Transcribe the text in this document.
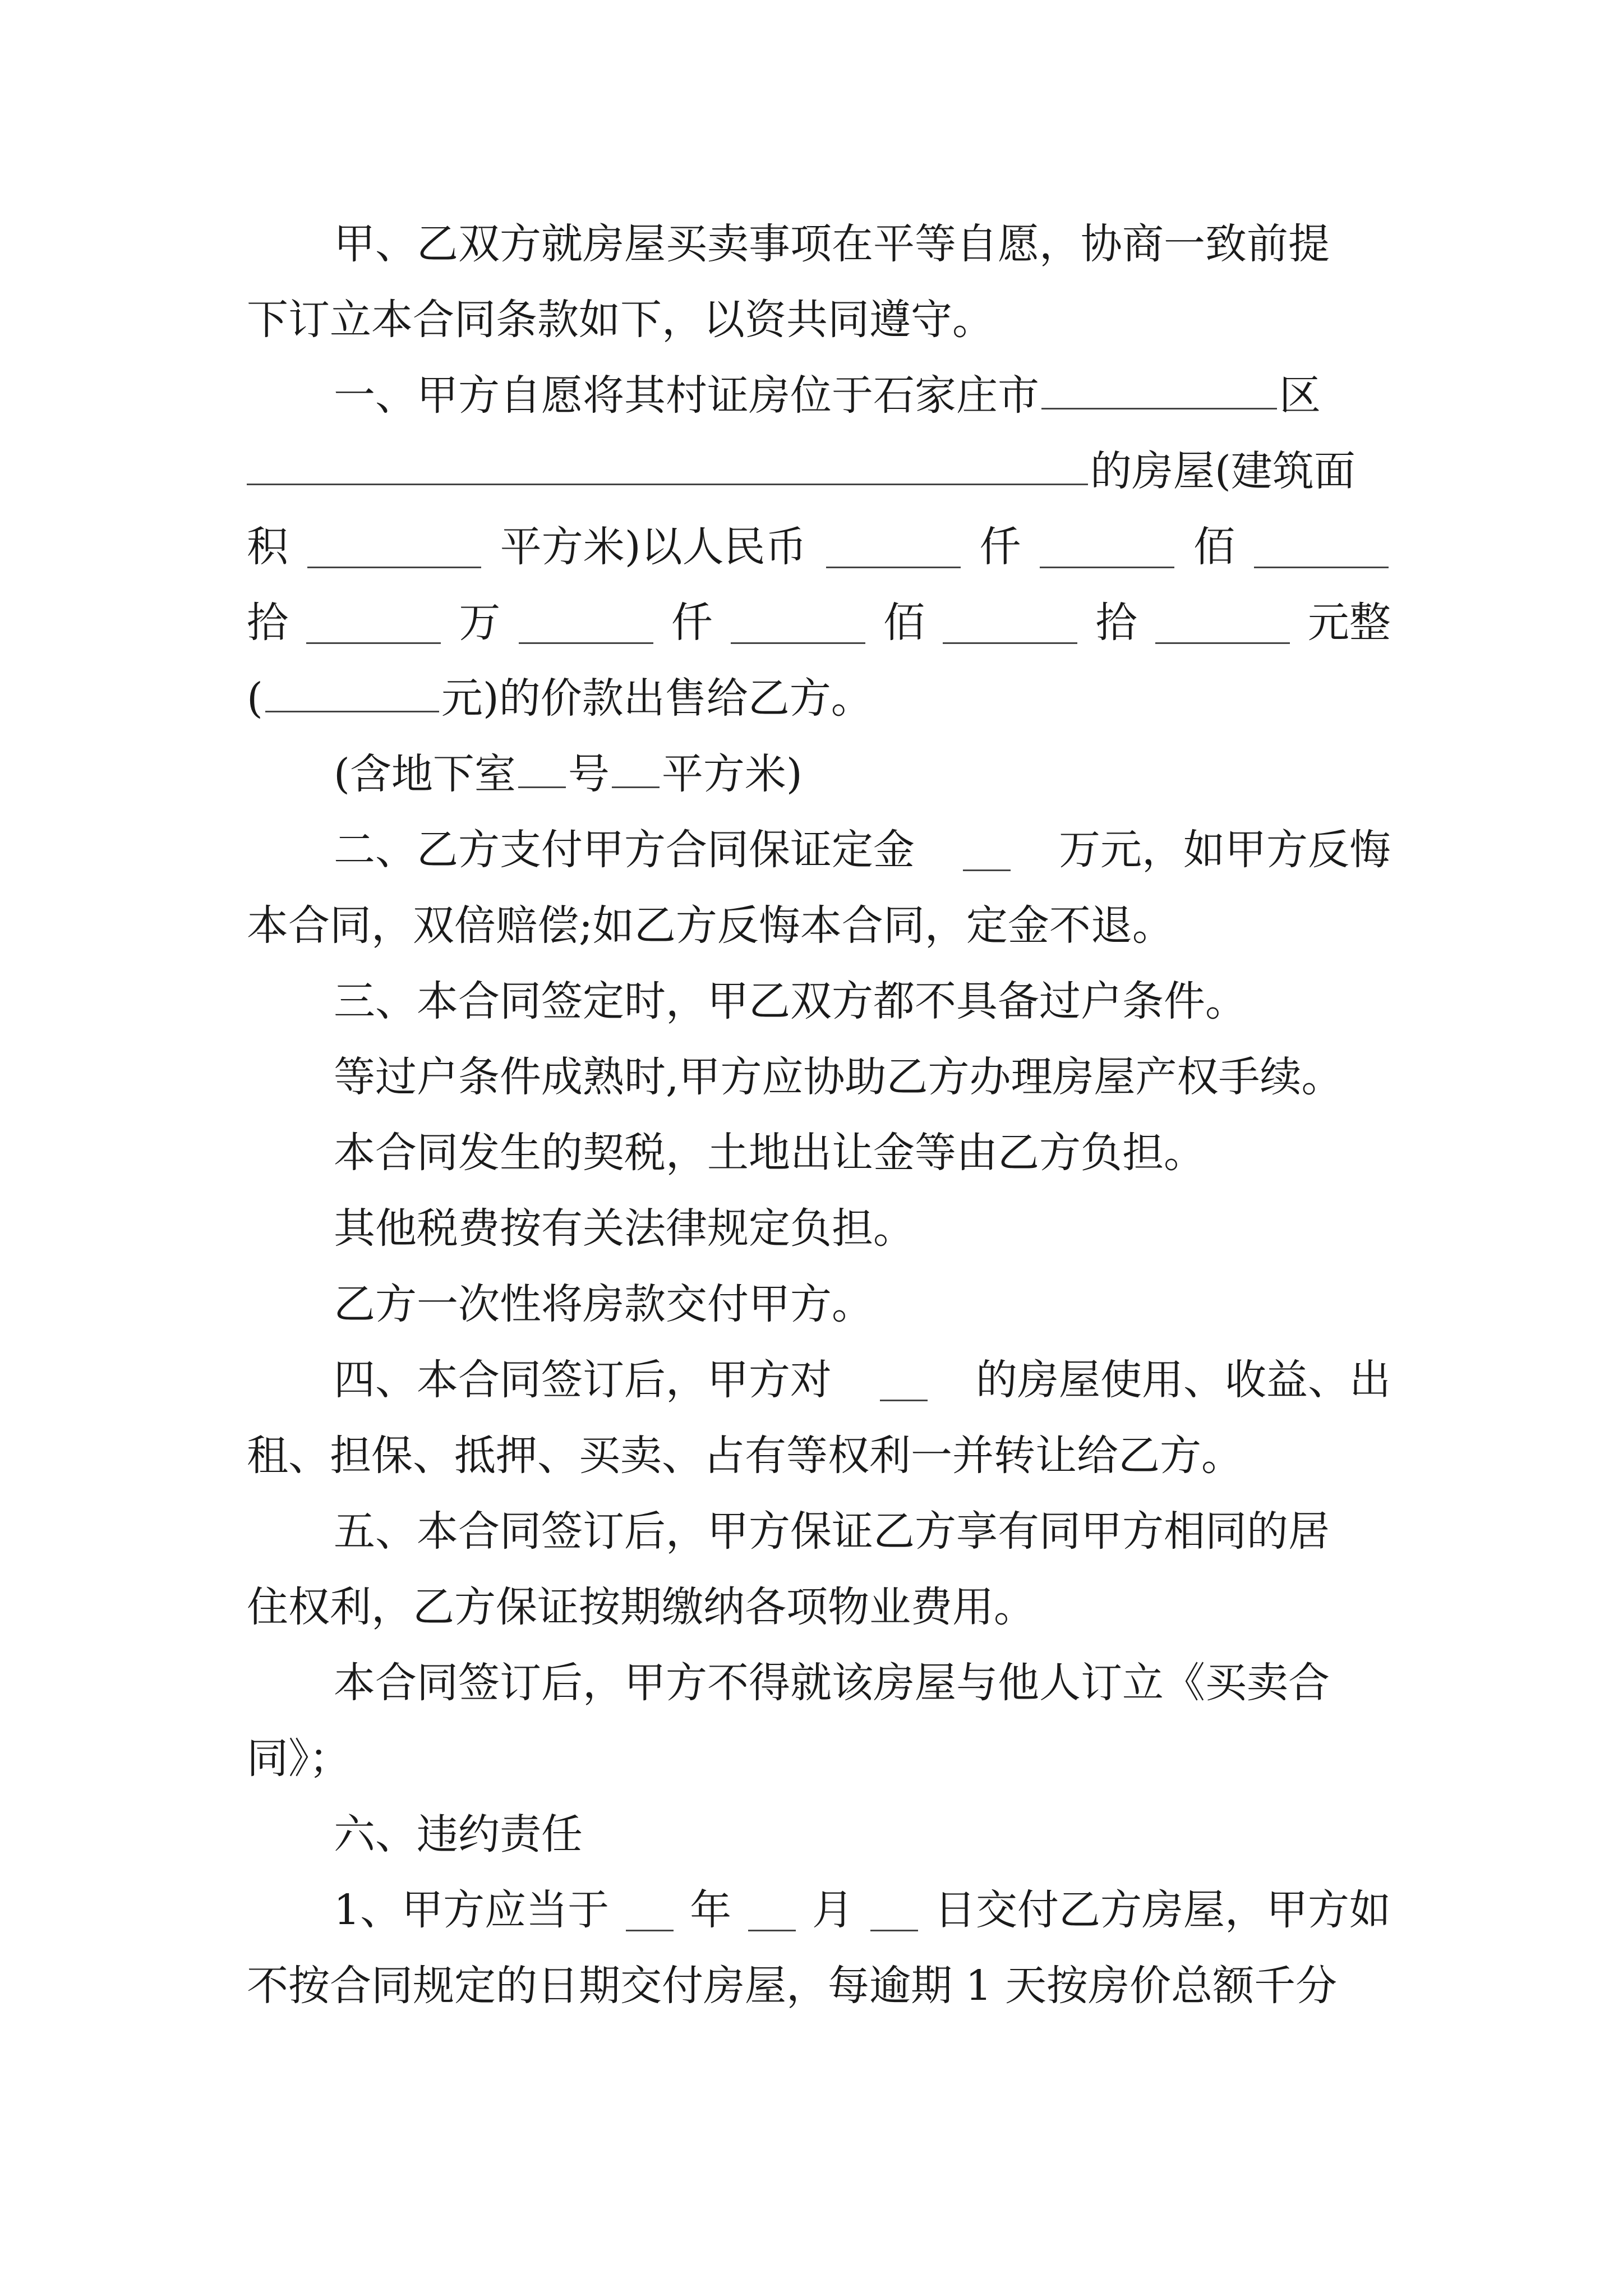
甲、乙双方就房屋买卖事项在平等自愿，协商一致前提
下订立本合同条款如下，以资共同遵守。
一、甲方自愿将其村证房位于石家庄市	区
的房屋(建筑面
积	平方米)以人民币	仟	佰
拾	万	仟	佰	拾	元整
(	元)的价款出售给乙方。
(含地下室 号 平方米)
二、乙方支付甲方合同保证定金	万元，如甲方反悔
本合同，双倍赔偿;如乙方反悔本合同，定金不退。
三、本合同签定时，甲乙双方都不具备过户条件。
等过户条件成熟时,甲方应协助乙方办理房屋产权手续。
本合同发生的契税，土地出让金等由乙方负担。
其他税费按有关法律规定负担。
乙方一次性将房款交付甲方。
四、本合同签订后，甲方对	的房屋使用、收益、出
租、担保、抵押、买卖、占有等权利一并转让给乙方。
五、本合同签订后，甲方保证乙方享有同甲方相同的居
住权利，乙方保证按期缴纳各项物业费用。
本合同签订后，甲方不得就该房屋与他人订立《买卖合
同》；
六、违约责任
1、甲方应当于 年 月 日交付乙方房屋，甲方如
不按合同规定的日期交付房屋，每逾期 1 天按房价总额千分
